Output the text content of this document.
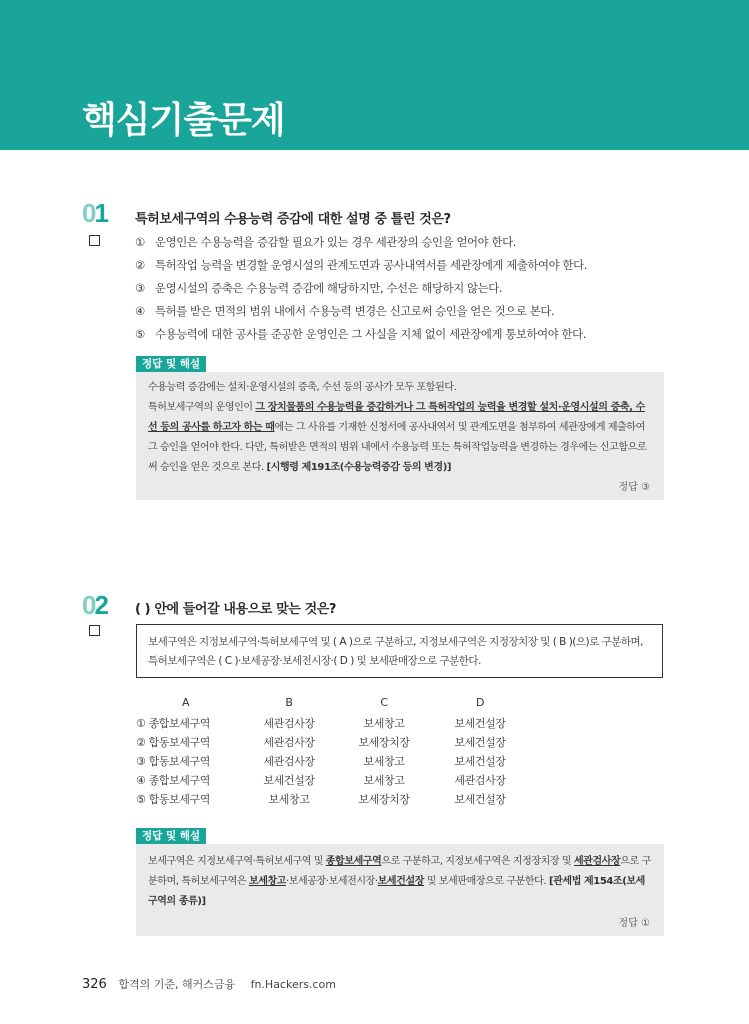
핵심기출문제
01 특허보세구역의 수용능력 증감에 대한 설명 중 틀린 것은?
① 운영인은 수용능력을 증감할 필요가 있는 경우 세관장의 승인을 얻어야 한다.
② 특허작업 능력을 변경할 운영시설의 관계도면과 공사내역서를 세관장에게 제출하여야 한다.
③ 운영시설의 증축은 수용능력 증감에 해당하지만, 수선은 해당하지 않는다.
④ 특허를 받은 면적의 범위 내에서 수용능력 변경은 신고로써 승인을 얻은 것으로 본다.
⑤ 수용능력에 대한 공사를 준공한 운영인은 그 사실을 지체 없이 세관장에게 통보하여야 한다.
정답 및 해설
수용능력 증감에는 설치·운영시설의 증축, 수선 등의 공사가 모두 포함된다.
특허보세구역의 운영인이 그 장치물품의 수용능력을 증감하거나 그 특허작업의 능력을 변경할 설치·운영시설의 증축, 수선 등의 공사를 하고자 하는 때에는 그 사유를 기재한 신청서에 공사내역서 및 관계도면을 첨부하여 세관장에게 제출하여 그 승인을 얻어야 한다. 다만, 특허받은 면적의 범위 내에서 수용능력 또는 특허작업능력을 변경하는 경우에는 신고함으로써 승인을 얻은 것으로 본다. [시행령 제191조(수용능력증감 등의 변경)]
정답 ③
02 ( ) 안에 들어갈 내용으로 맞는 것은?
보세구역은 지정보세구역·특허보세구역 및 ( A )으로 구분하고, 지정보세구역은 지정장치장 및 ( B )(으)로 구분하며, 특허보세구역은 ( C )·보세공장·보세전시장·( D ) 및 보세판매장으로 구분한다.
A	B	C	D
① 종합보세구역	세관검사장	보세창고	보세건설장
② 합동보세구역	세관검사장	보세장치장	보세건설장
③ 합동보세구역	세관검사장	보세창고	보세건설장
④ 종합보세구역	보세건설장	보세창고	세관검사장
⑤ 합동보세구역	보세창고	보세장치장	보세건설장
정답 및 해설
보세구역은 지정보세구역·특허보세구역 및 종합보세구역으로 구분하고, 지정보세구역은 지정장치장 및 세관검사장으로 구분하며, 특허보세구역은 보세창고·보세공장·보세전시장·보세건설장 및 보세판매장으로 구분한다. [관세법 제154조(보세구역의 종류)]
정답 ①
326 합격의 기준, 해커스금융 fn.Hackers.com
